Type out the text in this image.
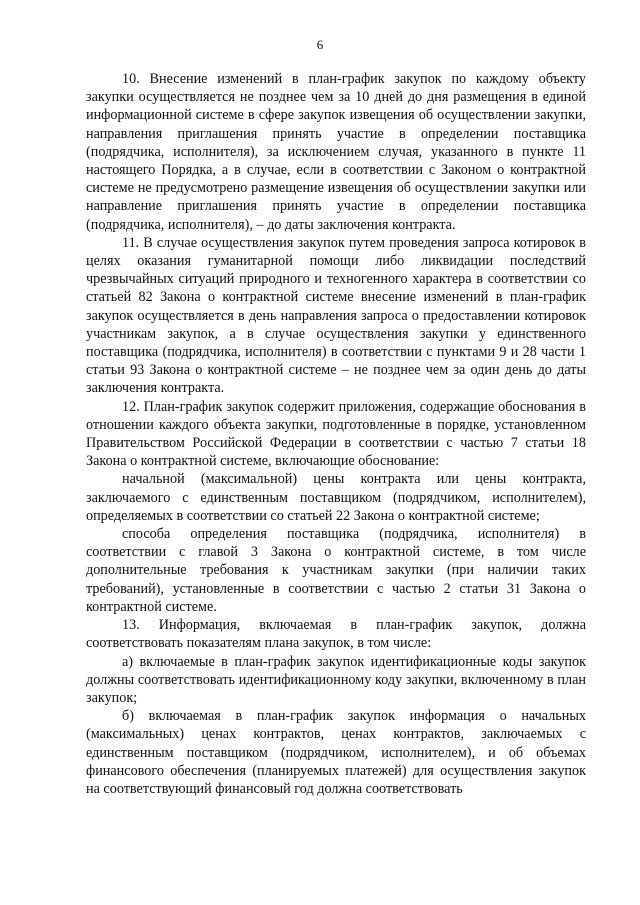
6

10. Внесение изменений в план-график закупок по каждому объекту закупки осуществляется не позднее чем за 10 дней до дня размещения в единой информационной системе в сфере закупок извещения об осуществлении закупки, направления приглашения принять участие в определении поставщика (подрядчика, исполнителя), за исключением случая, указанного в пункте 11 настоящего Порядка, а в случае, если в соответствии с Законом о контрактной системе не предусмотрено размещение извещения об осуществлении закупки или направление приглашения принять участие в определении поставщика (подрядчика, исполнителя), – до даты заключения контракта.

11. В случае осуществления закупок путем проведения запроса котировок в целях оказания гуманитарной помощи либо ликвидации последствий чрезвычайных ситуаций природного и техногенного характера в соответствии со статьей 82 Закона о контрактной системе внесение изменений в план-график закупок осуществляется в день направления запроса о предоставлении котировок участникам закупок, а в случае осуществления закупки у единственного поставщика (подрядчика, исполнителя) в соответствии с пунктами 9 и 28 части 1 статьи 93 Закона о контрактной системе – не позднее чем за один день до даты заключения контракта.

12. План-график закупок содержит приложения, содержащие обоснования в отношении каждого объекта закупки, подготовленные в порядке, установленном Правительством Российской Федерации в соответствии с частью 7 статьи 18 Закона о контрактной системе, включающие обоснование:

начальной (максимальной) цены контракта или цены контракта, заключаемого с единственным поставщиком (подрядчиком, исполнителем), определяемых в соответствии со статьей 22 Закона о контрактной системе;

способа определения поставщика (подрядчика, исполнителя) в соответствии с главой 3 Закона о контрактной системе, в том числе дополнительные требования к участникам закупки (при наличии таких требований), установленные в соответствии с частью 2 статьи 31 Закона о контрактной системе.

13. Информация, включаемая в план-график закупок, должна соответствовать показателям плана закупок, в том числе:

а) включаемые в план-график закупок идентификационные коды закупок должны соответствовать идентификационному коду закупки, включенному в план закупок;

б) включаемая в план-график закупок информация о начальных (максимальных) ценах контрактов, ценах контрактов, заключаемых с единственным поставщиком (подрядчиком, исполнителем), и об объемах финансового обеспечения (планируемых платежей) для осуществления закупок на соответствующий финансовый год должна соответствовать
